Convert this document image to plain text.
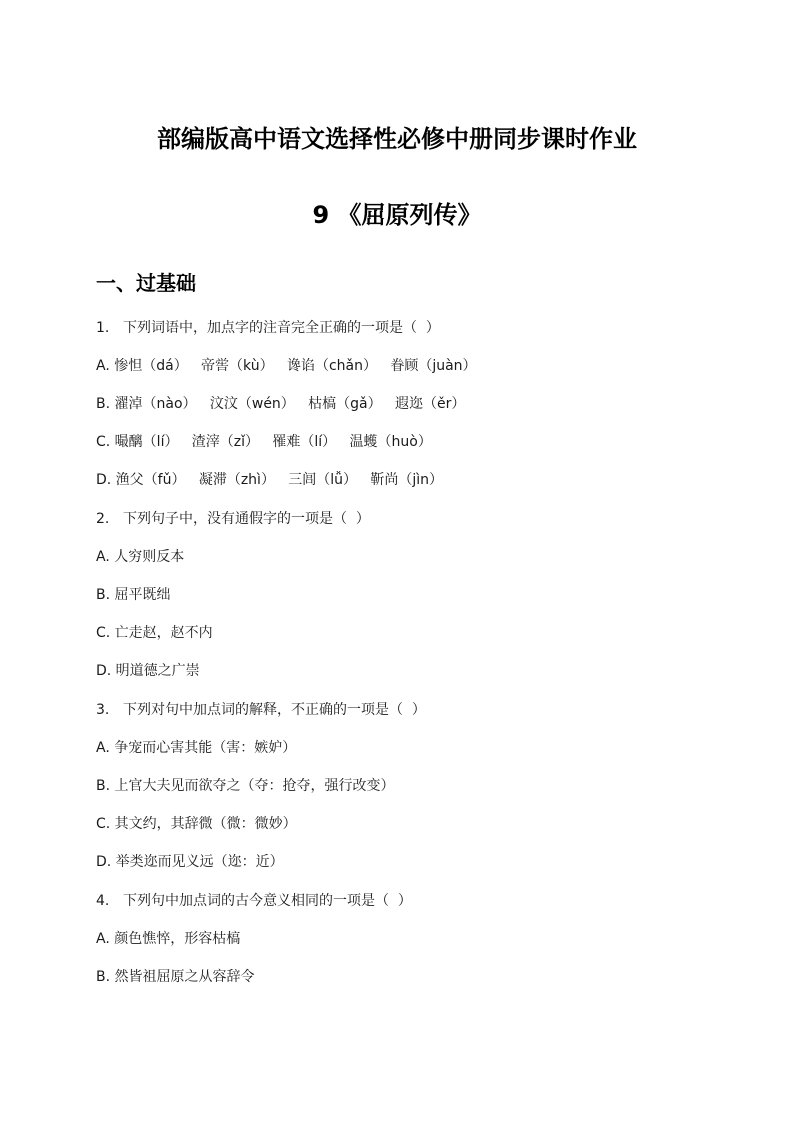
部编版高中语文选择性必修中册同步课时作业
9 《屈原列传》
一、过基础
1. 下列词语中，加点字的注音完全正确的一项是（  ）
A. 惨怛（dá）   帝喾（kù）   谗谄（chǎn）   眷顾（juàn）
B. 濯淖（nào）   汶汶（wén）   枯槁（gǎ）   遐迩（ěr）
C. 嘬醨（lí）   渣滓（zǐ）   罹难（lí）   温蠖（huò）
D. 渔父（fǔ）   凝滞（zhì）   三闾（lǚ）   靳尚（jìn）
2. 下列句子中，没有通假字的一项是（  ）
A. 人穷则反本
B. 屈平既绌
C. 亡走赵，赵不内
D. 明道德之广崇
3. 下列对句中加点词的解释，不正确的一项是（  ）
A. 争宠而心害其能（害：嫉妒）
B. 上官大夫见而欲夺之（夺：抢夺，强行改变）
C. 其文约，其辞微（微：微妙）
D. 举类迩而见义远（迩：近）
4. 下列句中加点词的古今意义相同的一项是（  ）
A. 颜色憔悴，形容枯槁
B. 然皆祖屈原之从容辞令
